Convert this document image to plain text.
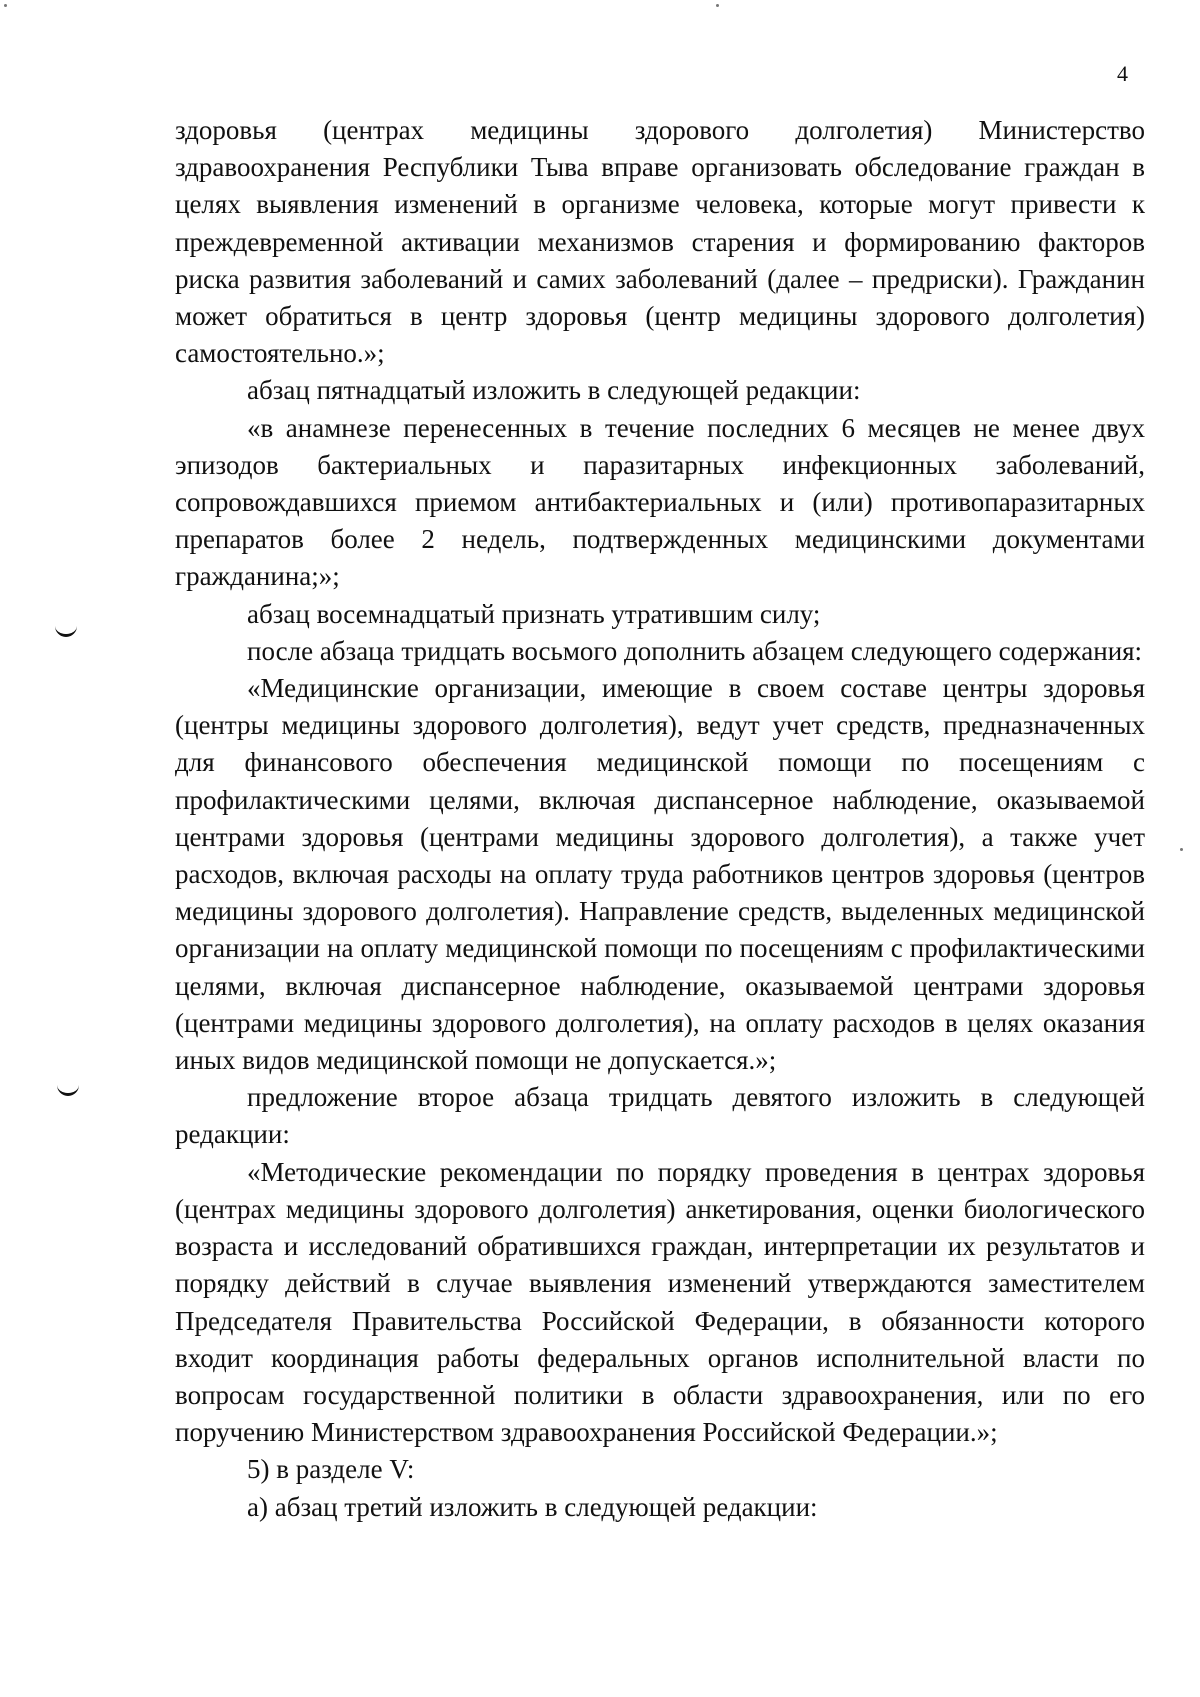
4

здоровья (центрах медицины здорового долголетия) Министерство здравоохранения Республики Тыва вправе организовать обследование граждан в целях выявления изменений в организме человека, которые могут привести к преждевременной активации механизмов старения и формированию факторов риска развития заболеваний и самих заболеваний (далее – предриски). Гражданин может обратиться в центр здоровья (центр медицины здорового долголетия) самостоятельно.»;

абзац пятнадцатый изложить в следующей редакции:

«в анамнезе перенесенных в течение последних 6 месяцев не менее двух эпизодов бактериальных и паразитарных инфекционных заболеваний, сопровождавшихся приемом антибактериальных и (или) противопаразитарных препаратов более 2 недель, подтвержденных медицинскими документами гражданина;»;

абзац восемнадцатый признать утратившим силу;

после абзаца тридцать восьмого дополнить абзацем следующего содержания:

«Медицинские организации, имеющие в своем составе центры здоровья (центры медицины здорового долголетия), ведут учет средств, предназначенных для финансового обеспечения медицинской помощи по посещениям с профилактическими целями, включая диспансерное наблюдение, оказываемой центрами здоровья (центрами медицины здорового долголетия), а также учет расходов, включая расходы на оплату труда работников центров здоровья (центров медицины здорового долголетия). Направление средств, выделенных медицинской организации на оплату медицинской помощи по посещениям с профилактическими целями, включая диспансерное наблюдение, оказываемой центрами здоровья (центрами медицины здорового долголетия), на оплату расходов в целях оказания иных видов медицинской помощи не допускается.»;

предложение второе абзаца тридцать девятого изложить в следующей редакции:

«Методические рекомендации по порядку проведения в центрах здоровья (центрах медицины здорового долголетия) анкетирования, оценки биологического возраста и исследований обратившихся граждан, интерпретации их результатов и порядку действий в случае выявления изменений утверждаются заместителем Председателя Правительства Российской Федерации, в обязанности которого входит координация работы федеральных органов исполнительной власти по вопросам государственной политики в области здравоохранения, или по его поручению Министерством здравоохранения Российской Федерации.»;

5) в разделе V:

а) абзац третий изложить в следующей редакции:
